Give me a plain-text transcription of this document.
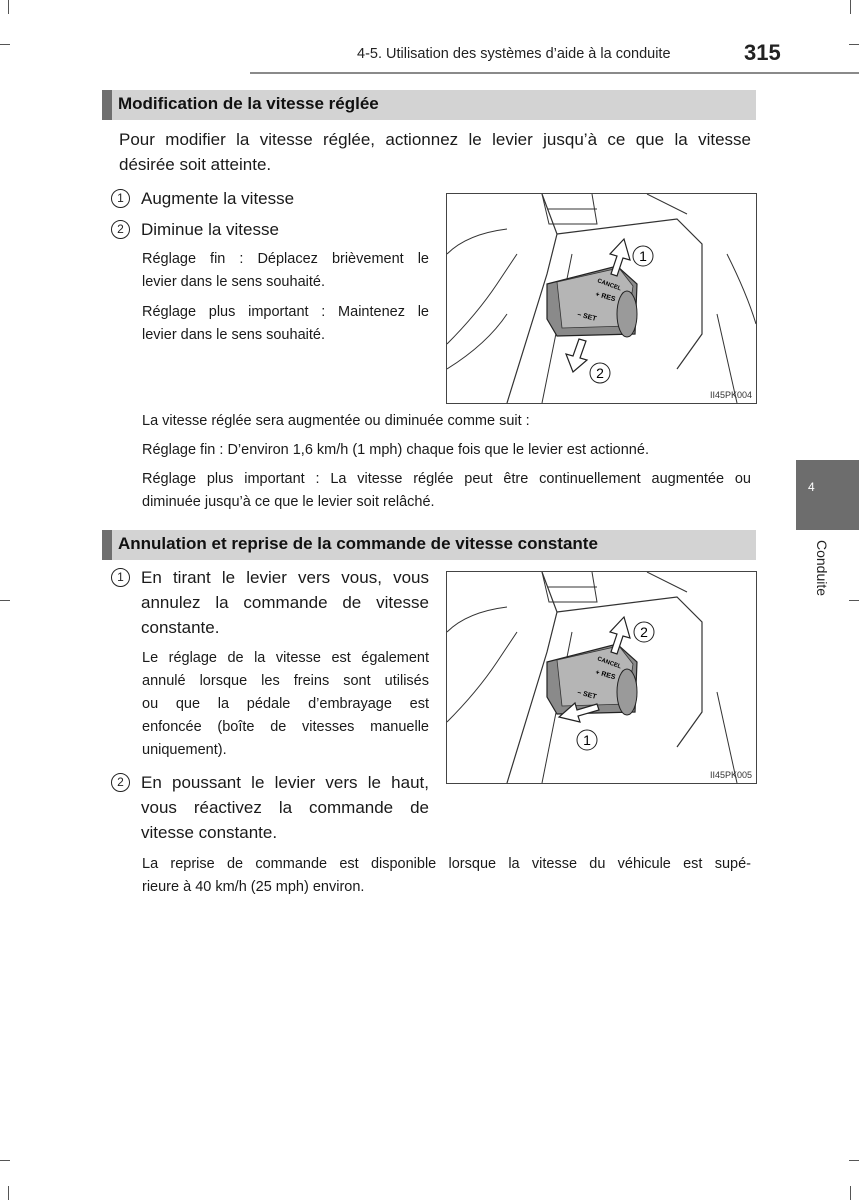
4-5. Utilisation des systèmes d’aide à la conduite	315
4
Conduite
Modification de la vitesse réglée
Pour modifier la vitesse réglée, actionnez le levier jusqu’à ce que la vitesse
désirée soit atteinte.
1	Augmente la vitesse
2	Diminue la vitesse
Réglage fin : Déplacez brièvement le
levier dans le sens souhaité.
Réglage plus important : Maintenez le
levier dans le sens souhaité.
CANCEL
+ RES
– SET
1
2
II45PK004
La vitesse réglée sera augmentée ou diminuée comme suit :
Réglage fin : D’environ 1,6 km/h (1 mph) chaque fois que le levier est actionné.
Réglage plus important : La vitesse réglée peut être continuellement augmentée ou
diminuée jusqu’à ce que le levier soit relâché.
Annulation et reprise de la commande de vitesse constante
1	En tirant le levier vers vous, vous
annulez la commande de vitesse
constante.
Le réglage de la vitesse est également
annulé lorsque les freins sont utilisés
ou que la pédale d’embrayage est
enfoncée (boîte de vitesses manuelle
uniquement).
2	En poussant le levier vers le haut,
vous réactivez la commande de
vitesse constante.
CANCEL
+ RES
– SET
2
1
II45PK005
La reprise de commande est disponible lorsque la vitesse du véhicule est supé-
rieure à 40 km/h (25 mph) environ.
